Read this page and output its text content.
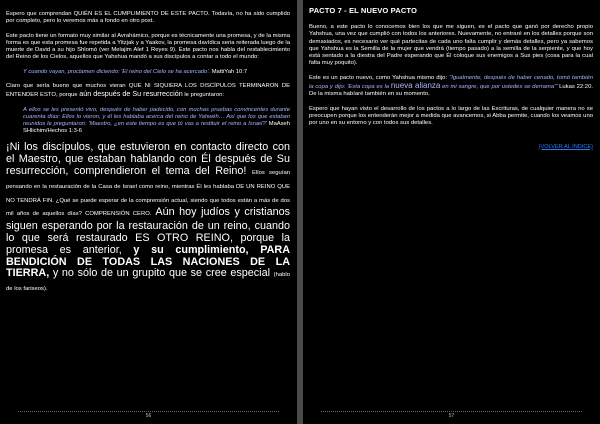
Espero que comprendan QUIÉN ES EL CUMPLIMIENTO DE ESTE PACTO. Todavía, no ha sido cumplido por completo, pero lo veremos más a fondo en otro post.

Este pacto tiene un formato muy similar al Avrahámico, porque es técnicamente una promesa, y de la misma forma es que esta promesa fue repetida a Yitzjak y a Yaakov, la promesa davídica seria reiterada luego de la muerte de David a su hijo Shlomó (ver Melajim Alef 1 Reyes 9). Este pacto nos habla del restablecimiento del Reino de los Cielos, aquellos que Yahshua mandó a sus discípulos a contar a todo el mundo:

Y cuando vayan, proclamen diciendo: 'El reino del Cielo se ha acercado'. MattiYah 10:7

Claro que sería bueno que muchos vieran QUE NI SIQUIERA LOS DISCÍPULOS TERMINARON DE ENTENDER ESTO, porque aún después de Su resurrección le preguntaron:

A ellos se les presentó vivo, después de haber padecido, con muchas pruebas convincentes durante cuarenta días: Ellos lo vieron, y él les hablaba acerca del reino de Yahwéh… Así que los que estaban reunidos le preguntaron: 'Maestro, ¿en este tiempo es que tú vas a restituir el reino a Israel?' MaAseh SHlichim/Hechos 1:3-6

¡Ni los discípulos, que estuvieron en contacto directo con el Maestro, que estaban hablando con Él después de Su resurrección, comprendieron el tema del Reino! Ellos seguían pensando en la restauración de la Casa de Israel como reino, mientras Él les hablaba DE UN REINO QUE NO TENDRÁ FIN. ¿Qué se puede esperar de la comprensión actual, siendo que todos están a más de dos mil años de aquellos días? COMPRENSIÓN CERO. Aún hoy judíos y cristianos siguen esperando por la restauración de un reino, cuando lo que será restaurado ES OTRO REINO, porque la promesa es anterior, y su cumplimiento, PARA BENDICIÓN DE TODAS LAS NACIONES DE LA TIERRA, y no sólo de un grupito que se cree especial (hablo de los fariseos).

56
PACTO 7 - EL NUEVO PACTO

Bueno, a este pacto lo conocemos bien los que me siguen, es el pacto que ganó por derecho propio Yahshua, una vez que cumplió con todos los anteriores. Nuevamente, no entraré en los detalles porque son demasiados, es necesario ver qué partecitas de cada uno falta cumplir y demás detalles, pero ya sabemos que Yahshua es la Semilla de la mujer que vendrá (tiempo pasado) a la semilla de la serpiente, y que hoy está sentado a la diestra del Padre esperando que Él coloque sus enemigos a Sus pies (cosa para la cual falta muy poquito).

Este es un pacto nuevo, como Yahshua mismo dijo: "Igualmente, después de haber cenado, tomó también la copa y dijo: 'Esta copa es la nueva alianza en mi sangre, que por ustedes se derrama'" Lukas 22:20. De la misma habíaré también en su momento.

Espero que hayan visto el desarrollo de los pactos a lo largo de las Escrituras, de cualquier manera no se preocupen porque los entenderán mejor a medida que avancemos, si Abba permite, cuando los veamos uno por uno en su entorno y con todos sus detalles.

(VOLVER AL ÍNDICE)
57
